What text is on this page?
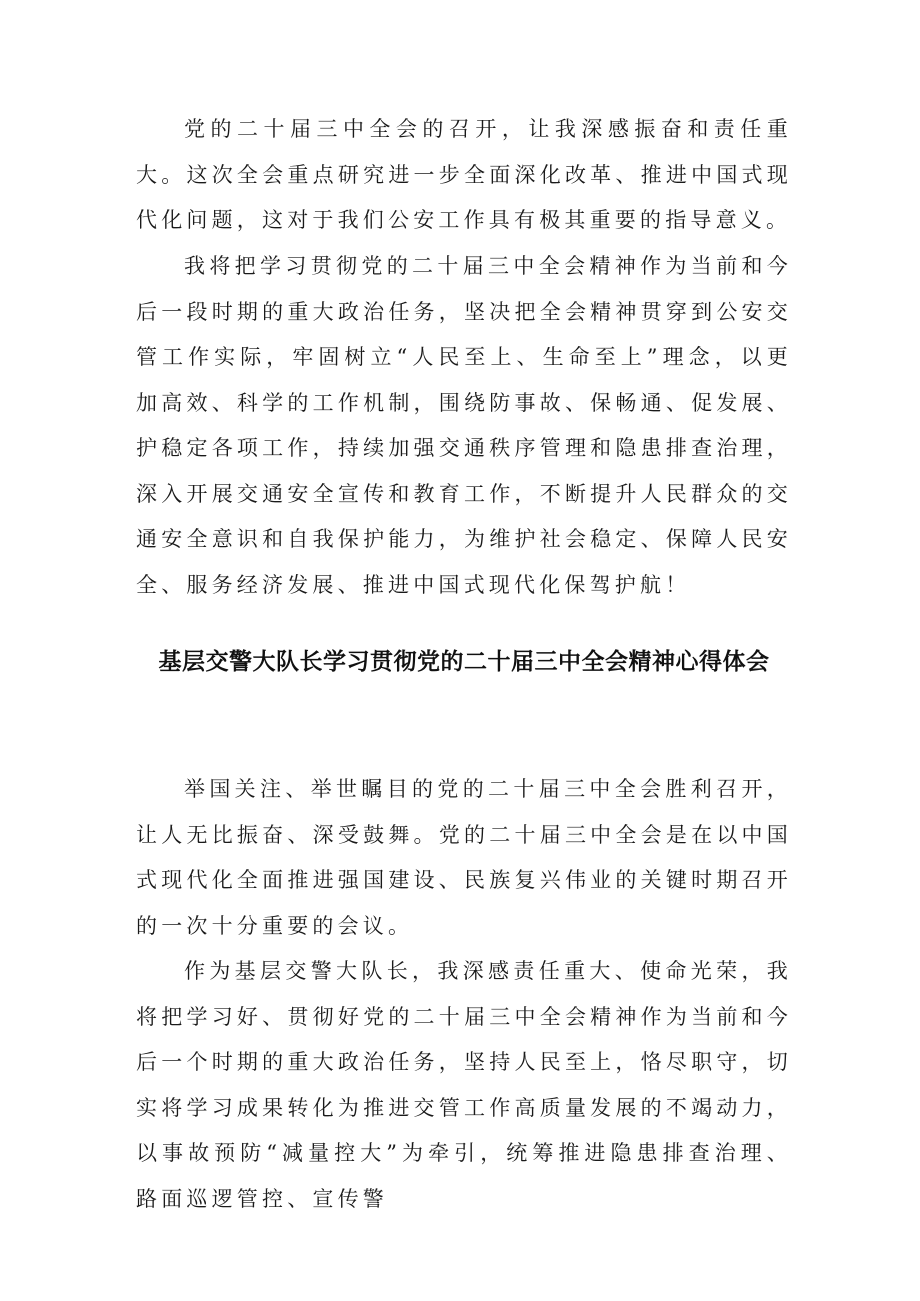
党的二十届三中全会的召开，让我深感振奋和责任重大。这次全会重点研究进一步全面深化改革、推进中国式现代化问题，这对于我们公安工作具有极其重要的指导意义。

我将把学习贯彻党的二十届三中全会精神作为当前和今后一段时期的重大政治任务，坚决把全会精神贯穿到公安交管工作实际，牢固树立“人民至上、生命至上”理念，以更加高效、科学的工作机制，围绕防事故、保畅通、促发展、护稳定各项工作，持续加强交通秩序管理和隐患排查治理，深入开展交通安全宣传和教育工作，不断提升人民群众的交通安全意识和自我保护能力，为维护社会稳定、保障人民安全、服务经济发展、推进中国式现代化保驾护航！

基层交警大队长学习贯彻党的二十届三中全会精神心得体会

举国关注、举世瞩目的党的二十届三中全会胜利召开，让人无比振奋、深受鼓舞。党的二十届三中全会是在以中国式现代化全面推进强国建设、民族复兴伟业的关键时期召开的一次十分重要的会议。

作为基层交警大队长，我深感责任重大、使命光荣，我将把学习好、贯彻好党的二十届三中全会精神作为当前和今后一个时期的重大政治任务，坚持人民至上，恪尽职守，切实将学习成果转化为推进交管工作高质量发展的不竭动力，以事故预防“减量控大”为牵引，统筹推进隐患排查治理、路面巡逻管控、宣传警
